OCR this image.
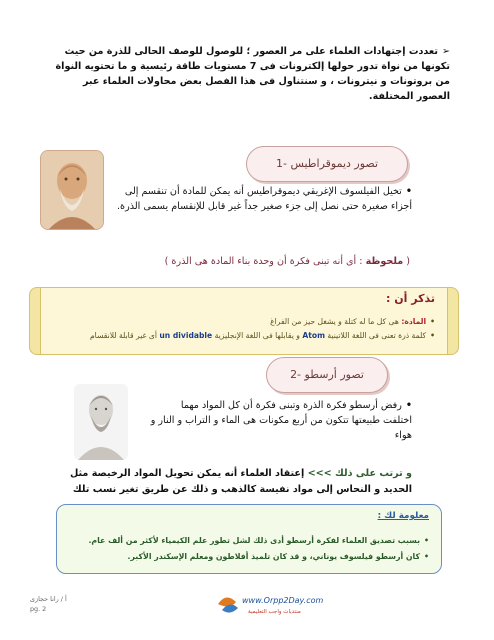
➢تعددت إجتهادات العلماء على مر العصور ؛ للوصول للوصف الحالى للذرة من حيث تكونها من نواة تدور حولها إلكترونات فى 7 مستويات طاقة رئيسية و ما تحتويه النواة من بروتونات و نيترونات ، و سنتناول فى هذا الفصل بعض محاولات العلماء عبر العصور المختلفة.
1- تصور ديموقراطيس
•تخيل الفيلسوف الإغريقي ديموقراطيس أنه يمكن للمادة أن تنقسم إلى أجزاء صغيرة حتى نصل إلى جزء صغير جداً غير قابل للإنقسام يسمى الذرة.
( ملحوظة : أى أنه تبنى فكرة أن وحدة بناء المادة هى الذرة )
تذكر أن :
•المادة: هى كل ما له كتلة و يشغل حيز من الفراغ
•كلمة ذرة تعنى فى اللغة اللاتينية Atom و يقابلها فى اللغة الإنجليزية un dividable أى غير قابلة للانقسام
2- تصور أرسطو
•رفض أرسطو فكرة الذرة وتبنى فكرة أن كل المواد مهما اختلفت طبيعتها تتكون من أربع مكونات هى الماء و التراب و النار و هواء
و ترتب على ذلك >>> إعتقاد العلماء أنه يمكن تحويل المواد الرخيصة مثل الحديد و النحاس إلى مواد نفيسة كالذهب و ذلك عن طريق تغير نسب تلك
معلومة لك :
•بسبب تصديق العلماء لفكرة أرسطو أدى ذلك لشل تطور علم الكيمياء لأكثر من ألف عام.
•كان أرسطو فيلسوف يوناني، و قد كان تلميذ أفلاطون ومعلم الإسكندر الأكبر.
أ / رانا حجازى
pg. 2
www.Orpp2Day.com
منتديات واجب التعليمية
